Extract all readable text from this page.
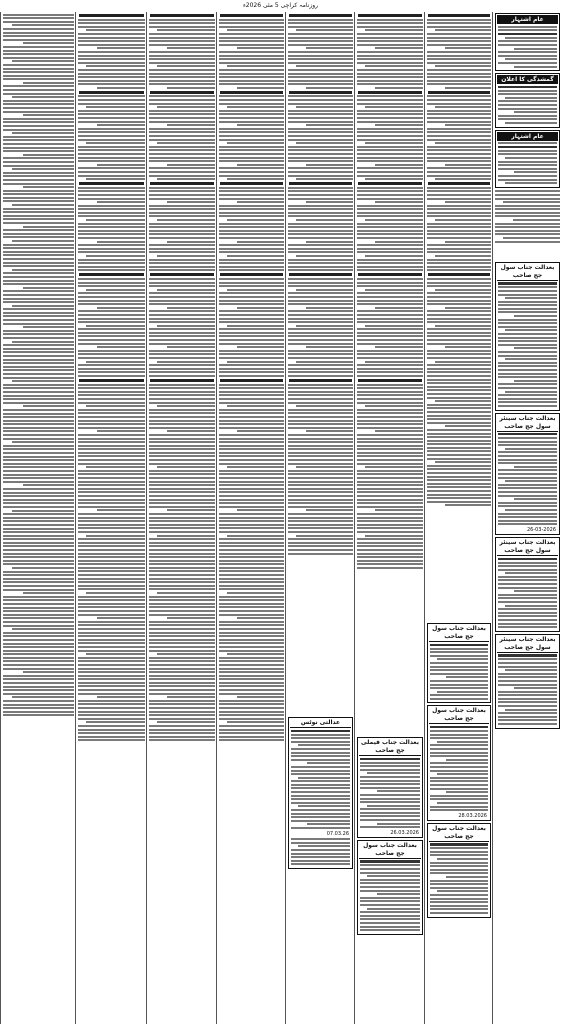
روزنامہ کراچی 5 مئی 2026ء
عام اشتہار
گمشدگی کا اعلان
عام اشتہار
بعدالت جناب سول جج صاحب
بعدالت جناب سینئر سول جج صاحب
26-03-2026
بعدالت جناب سینئر سول جج صاحب
بعدالت جناب سینئر سول جج صاحب
بعدالت جناب سول جج صاحب
بعدالت جناب سول جج صاحب
28.03.2026
بعدالت جناب سول جج صاحب
بعدالت جناب فیملی جج صاحب
26.03.2026
بعدالت جناب سول جج صاحب
عدالتی نوٹس
07.03.26
